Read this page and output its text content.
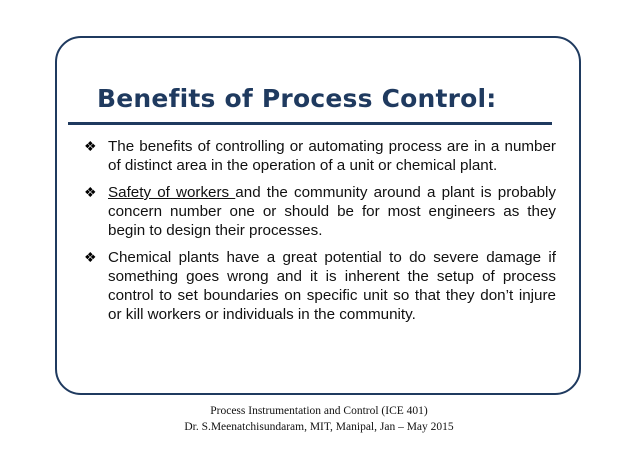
Benefits of Process Control:
❖ The benefits of controlling or automating process are in a number of distinct area in the operation of a unit or chemical plant.
❖ Safety of workers and the community around a plant is probably concern number one or should be for most engineers as they begin to design their processes.
❖ Chemical plants have a great potential to do severe damage if something goes wrong and it is inherent the setup of process control to set boundaries on specific unit so that they don’t injure or kill workers or individuals in the community.
Process Instrumentation and Control (ICE 401)
Dr. S.Meenatchisundaram, MIT, Manipal, Jan – May 2015
